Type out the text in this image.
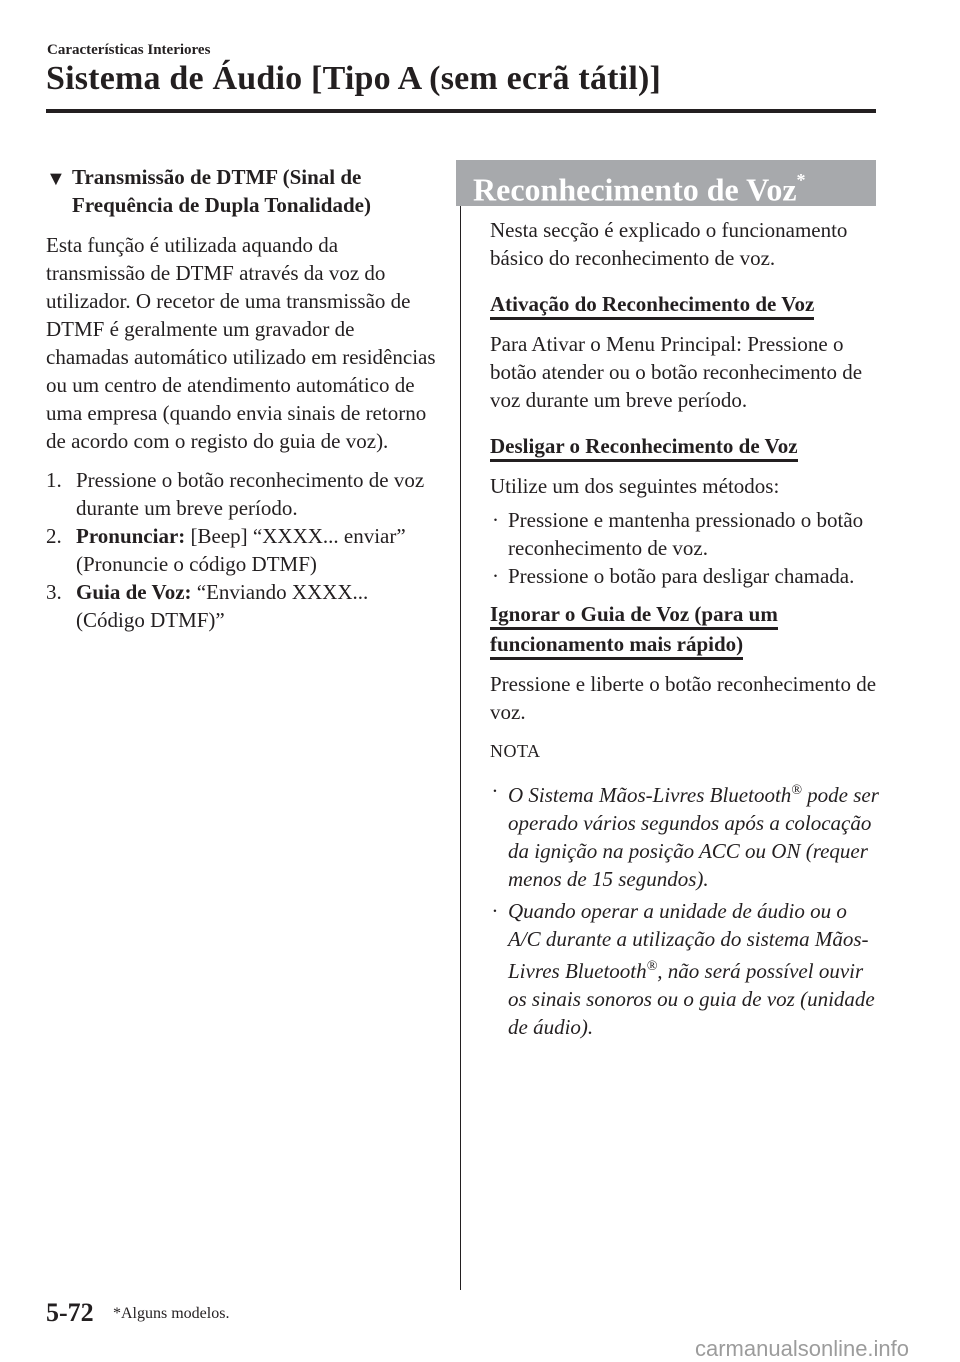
Características Interiores
Sistema de Áudio [Tipo A (sem ecrã tátil)]
▼ Transmissão de DTMF (Sinal de
Frequência de Dupla Tonalidade)

Esta função é utilizada aquando da transmissão de DTMF através da voz do utilizador. O recetor de uma transmissão de DTMF é geralmente um gravador de chamadas automático utilizado em residências ou um centro de atendimento automático de uma empresa (quando envia sinais de retorno de acordo com o registo do guia de voz).

1. Pressione o botão reconhecimento de voz durante um breve período.
2. Pronunciar: [Beep] “XXXX... enviar” (Pronuncie o código DTMF)
3. Guia de Voz: “Enviando XXXX... (Código DTMF)”
Reconhecimento de Voz*

Nesta secção é explicado o funcionamento básico do reconhecimento de voz.

Ativação do Reconhecimento de Voz

Para Ativar o Menu Principal: Pressione o botão atender ou o botão reconhecimento de voz durante um breve período.

Desligar o Reconhecimento de Voz

Utilize um dos seguintes métodos:

· Pressione e mantenha pressionado o botão reconhecimento de voz.
· Pressione o botão para desligar chamada.
Ignorar o Guia de Voz (para um
funcionamento mais rápido)

Pressione e liberte o botão reconhecimento de voz.

NOTA
· O Sistema Mãos-Livres Bluetooth® pode ser operado vários segundos após a colocação da ignição na posição ACC ou ON (requer menos de 15 segundos).
· Quando operar a unidade de áudio ou o A/C durante a utilização do sistema Mãos-Livres Bluetooth®, não será possível ouvir os sinais sonoros ou o guia de voz (unidade de áudio).
5-72 *Alguns modelos.
carmanualsonline.info
